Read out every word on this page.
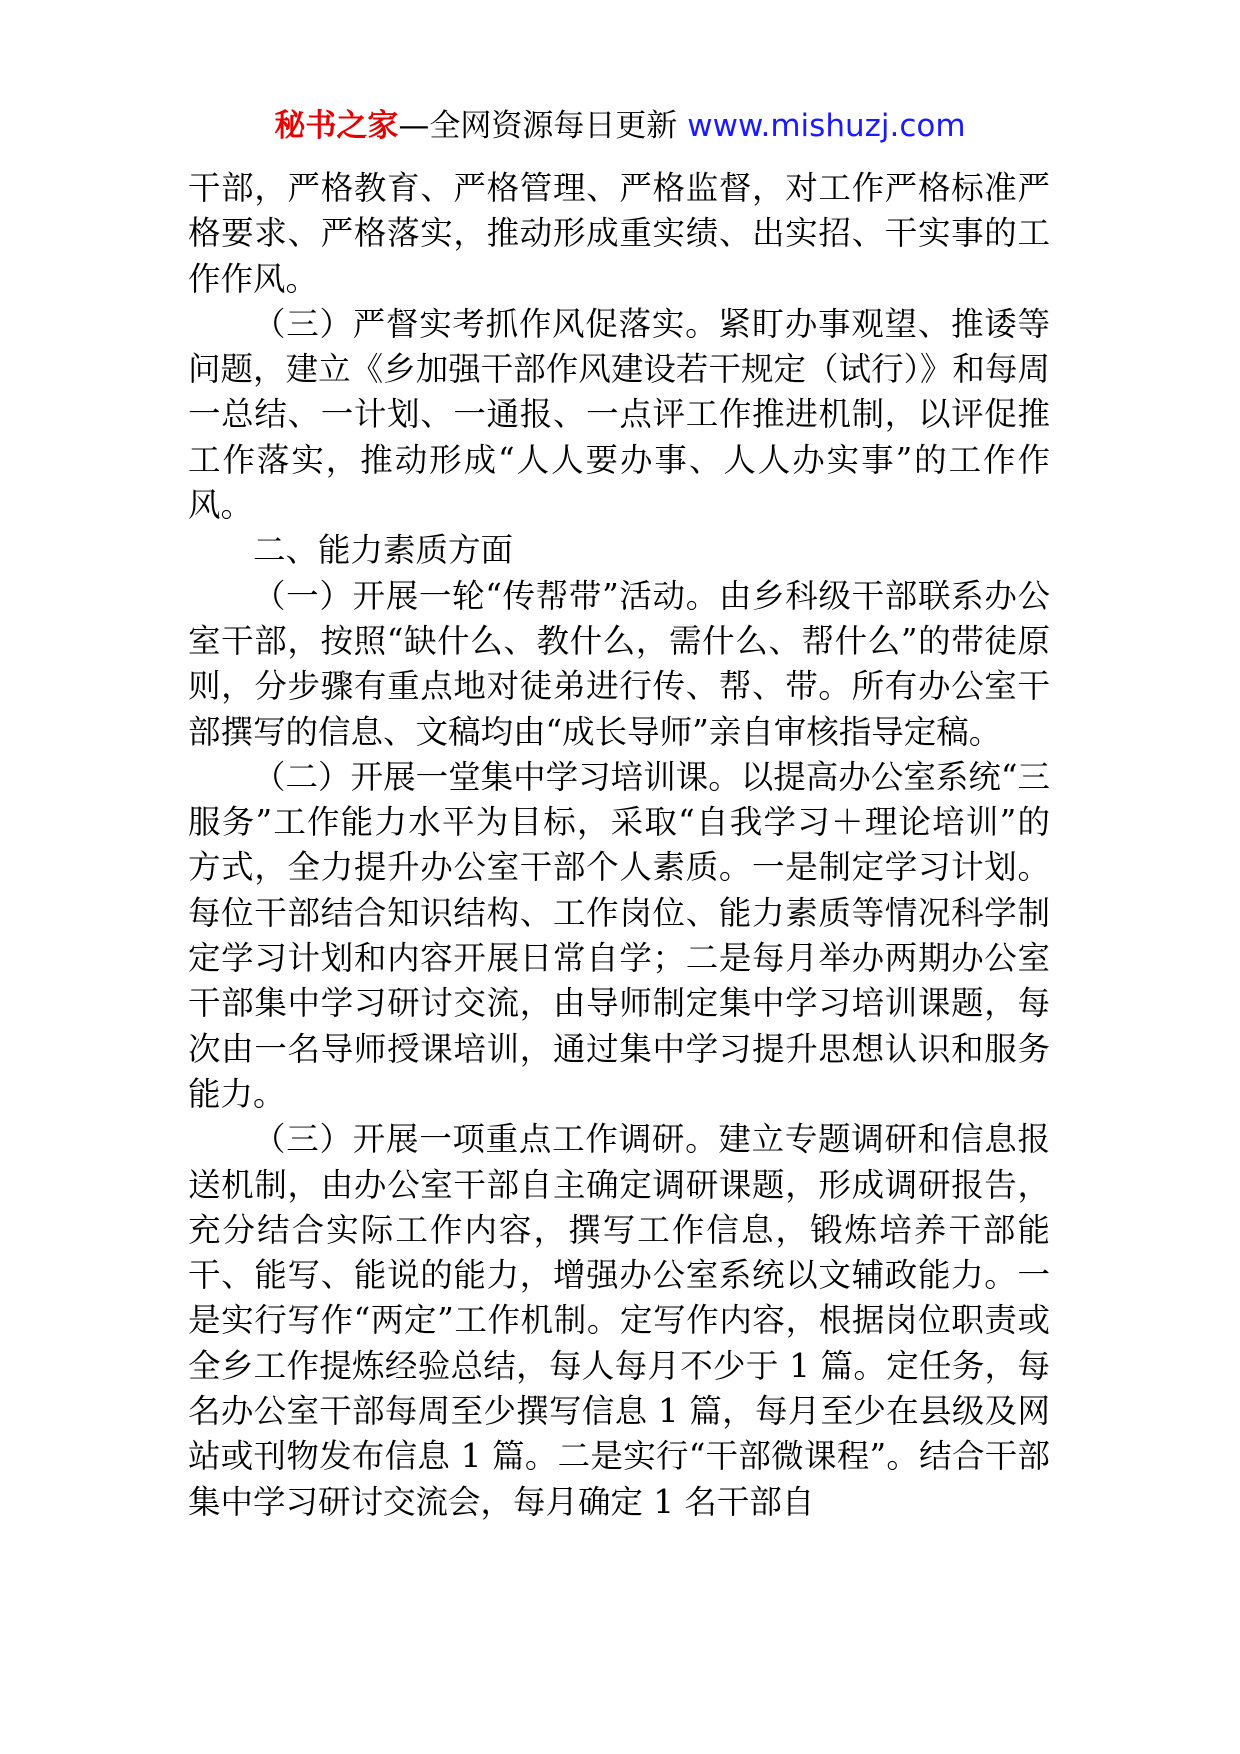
秘书之家—全网资源每日更新 www.mishuzj.com

干部，严格教育、严格管理、严格监督，对工作严格标准严格要求、严格落实，推动形成重实绩、出实招、干实事的工作作风。

（三）严督实考抓作风促落实。紧盯办事观望、推诿等问题，建立《乡加强干部作风建设若干规定（试行）》和每周一总结、一计划、一通报、一点评工作推进机制，以评促推工作落实，推动形成“人人要办事、人人办实事”的工作作风。

二、能力素质方面

（一）开展一轮“传帮带”活动。由乡科级干部联系办公室干部，按照“缺什么、教什么，需什么、帮什么”的带徒原则，分步骤有重点地对徒弟进行传、帮、带。所有办公室干部撰写的信息、文稿均由“成长导师”亲自审核指导定稿。

（二）开展一堂集中学习培训课。以提高办公室系统“三服务”工作能力水平为目标，采取“自我学习＋理论培训”的方式，全力提升办公室干部个人素质。一是制定学习计划。每位干部结合知识结构、工作岗位、能力素质等情况科学制定学习计划和内容开展日常自学；二是每月举办两期办公室干部集中学习研讨交流，由导师制定集中学习培训课题，每次由一名导师授课培训，通过集中学习提升思想认识和服务能力。

（三）开展一项重点工作调研。建立专题调研和信息报送机制，由办公室干部自主确定调研课题，形成调研报告，充分结合实际工作内容，撰写工作信息，锻炼培养干部能干、能写、能说的能力，增强办公室系统以文辅政能力。一是实行写作“两定”工作机制。定写作内容，根据岗位职责或全乡工作提炼经验总结，每人每月不少于 1 篇。定任务，每名办公室干部每周至少撰写信息 1 篇，每月至少在县级及网站或刊物发布信息 1 篇。二是实行“干部微课程”。结合干部集中学习研讨交流会，每月确定 1 名干部自
